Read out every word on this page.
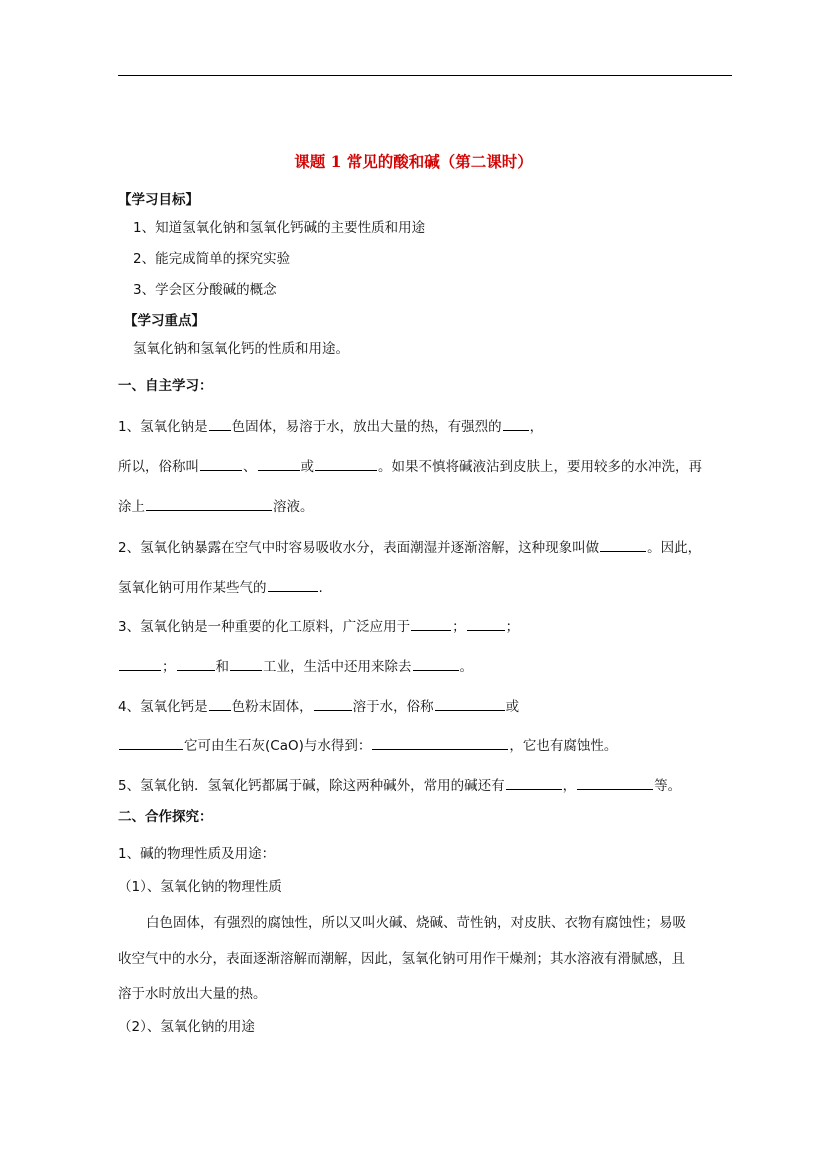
课题 1 常见的酸和碱（第二课时）
【学习目标】
1、知道氢氧化钠和氢氧化钙碱的主要性质和用途
2、能完成简单的探究实验
3、学会区分酸碱的概念
【学习重点】
氢氧化钠和氢氧化钙的性质和用途。
一、自主学习：
1、氢氧化钠是 色固体，易溶于水，放出大量的热，有强烈的 ，
所以，俗称叫	、	或	。如果不慎将碱液沾到皮肤上，要用较多的水冲洗，再
涂上	溶液。
2、氢氧化钠暴露在空气中时容易吸收水分，表面潮湿并逐渐溶解，这种现象叫做	。因此，
氢氧化钠可用作某些气的	.
3、氢氧化钠是一种重要的化工原料，广泛应用于	；	；
；	和	工业，生活中还用来除去	。
4、氢氧化钙是 色粉末固体，	溶于水，俗称	或
它可由生石灰(CaO)与水得到：	，它也有腐蚀性。
5、氢氧化钠．氢氧化钙都属于碱，除这两种碱外，常用的碱还有	，	等。
二、合作探究：
1、碱的物理性质及用途：
（1）、氢氧化钠的物理性质
白色固体，有强烈的腐蚀性，所以又叫火碱、烧碱、苛性钠，对皮肤、衣物有腐蚀性；易吸
收空气中的水分，表面逐渐溶解而潮解，因此，氢氧化钠可用作干燥剂；其水溶液有滑腻感，且
溶于水时放出大量的热。
（2）、氢氧化钠的用途
